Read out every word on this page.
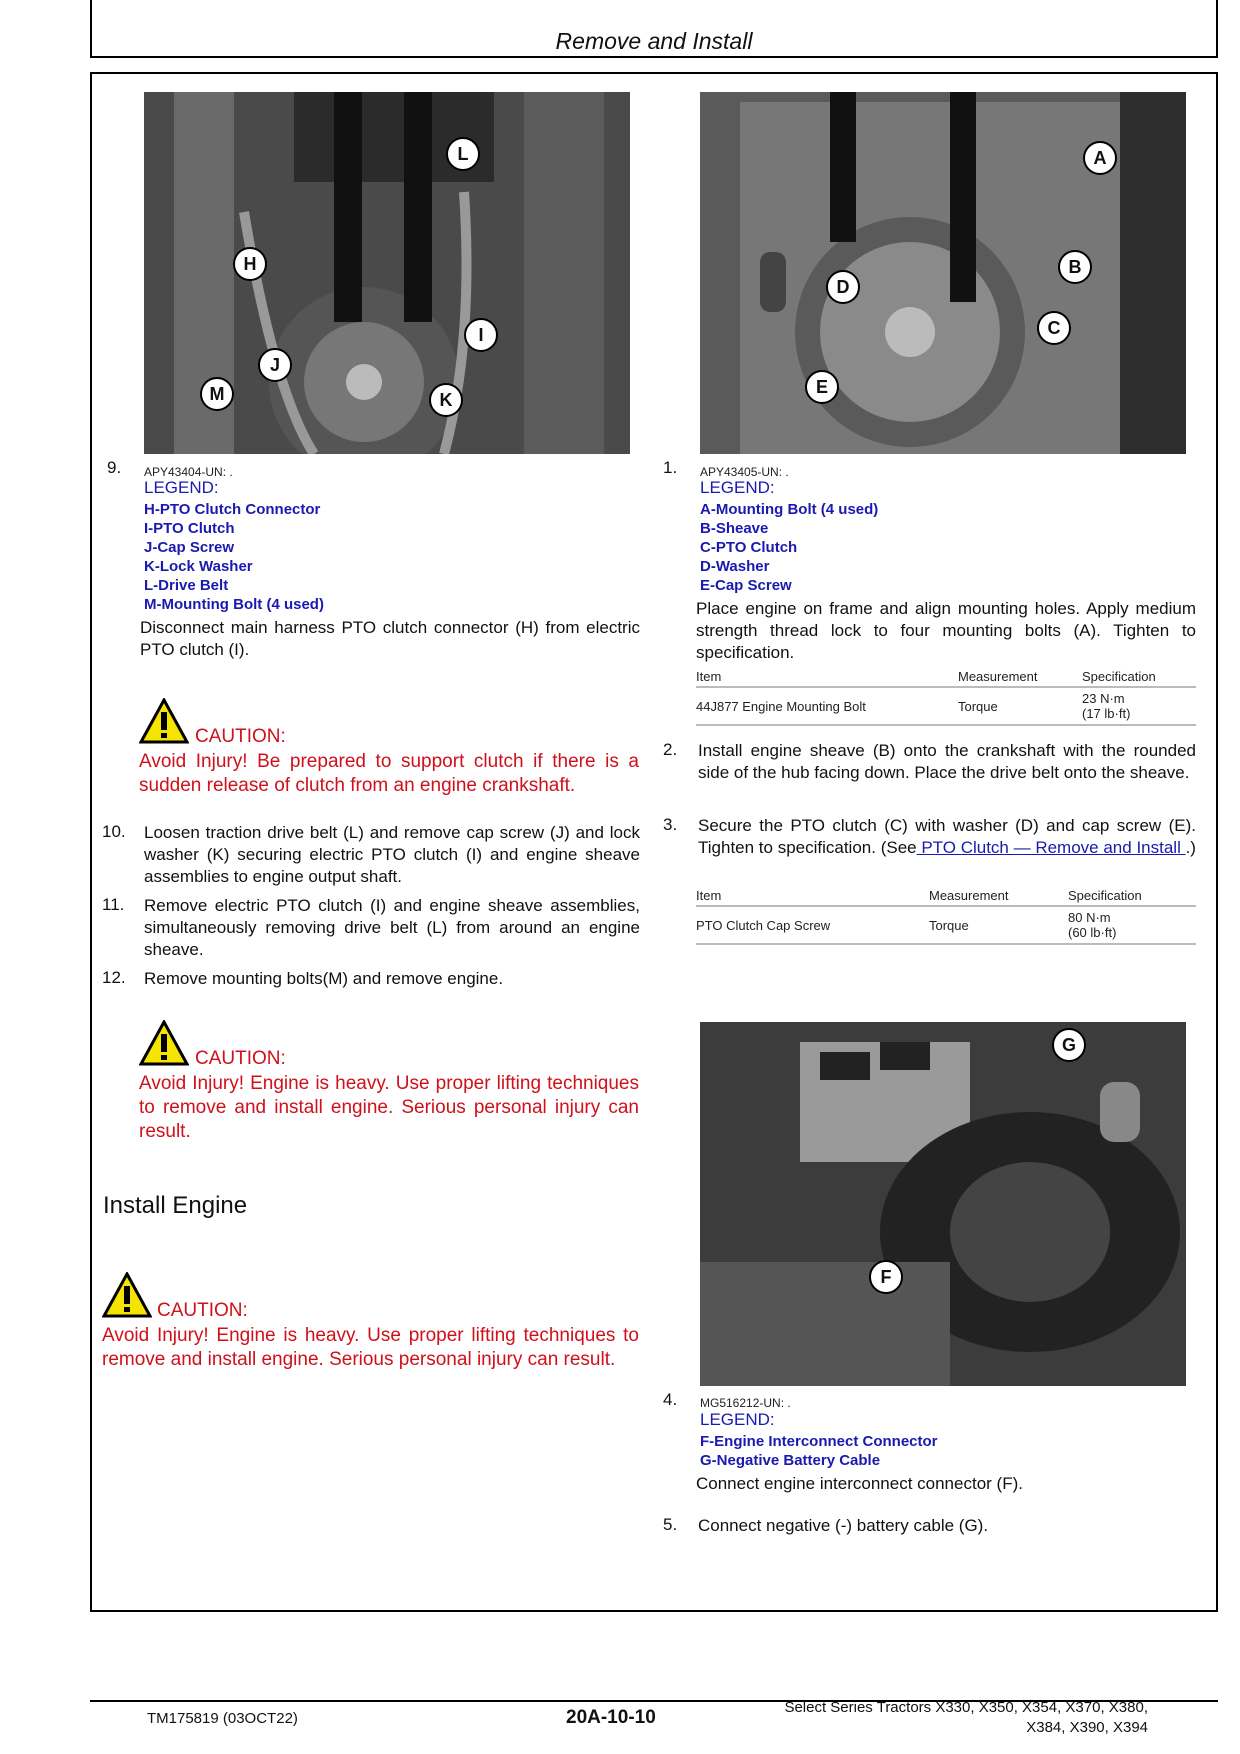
Remove and Install
L
H
I
J
K
M
9. APY43404-UN: .
LEGEND:
H-PTO Clutch Connector
I-PTO Clutch
J-Cap Screw
K-Lock Washer
L-Drive Belt
M-Mounting Bolt (4 used)
Disconnect main harness PTO clutch connector (H) from electric PTO clutch (I).
CAUTION:
Avoid Injury! Be prepared to support clutch if there is a sudden release of clutch from an engine crankshaft.
10. Loosen traction drive belt (L) and remove cap screw (J) and lock washer (K) securing electric PTO clutch (I) and engine sheave assemblies to engine output shaft.
11. Remove electric PTO clutch (I) and engine sheave assemblies, simultaneously removing drive belt (L) from around an engine sheave.
12. Remove mounting bolts(M) and remove engine.
CAUTION:
Avoid Injury! Engine is heavy. Use proper lifting techniques to remove and install engine. Serious personal injury can result.
Install Engine
CAUTION:
Avoid Injury! Engine is heavy. Use proper lifting techniques to remove and install engine. Serious personal injury can result.
A
B
C
D
E
1. APY43405-UN: .
LEGEND:
A-Mounting Bolt (4 used)
B-Sheave
C-PTO Clutch
D-Washer
E-Cap Screw
Place engine on frame and align mounting holes. Apply medium strength thread lock to four mounting bolts (A). Tighten to specification.
Item	Measurement	Specification
44J877 Engine Mounting Bolt	Torque	23 N·m
(17 lb·ft)
2. Install engine sheave (B) onto the crankshaft with the rounded side of the hub facing down. Place the drive belt onto the sheave.
3. Secure the PTO clutch (C) with washer (D) and cap screw (E). Tighten to specification. (See PTO Clutch — Remove and Install .)
Item	Measurement	Specification
PTO Clutch Cap Screw	Torque	80 N·m
(60 lb·ft)
G
F
4. MG516212-UN: .
LEGEND:
F-Engine Interconnect Connector
G-Negative Battery Cable
Connect engine interconnect connector (F).
5. Connect negative (-) battery cable (G).
TM175819 (03OCT22)	20A-10-10	Select Series Tractors X330, X350, X354, X370, X380,
X384, X390, X394
